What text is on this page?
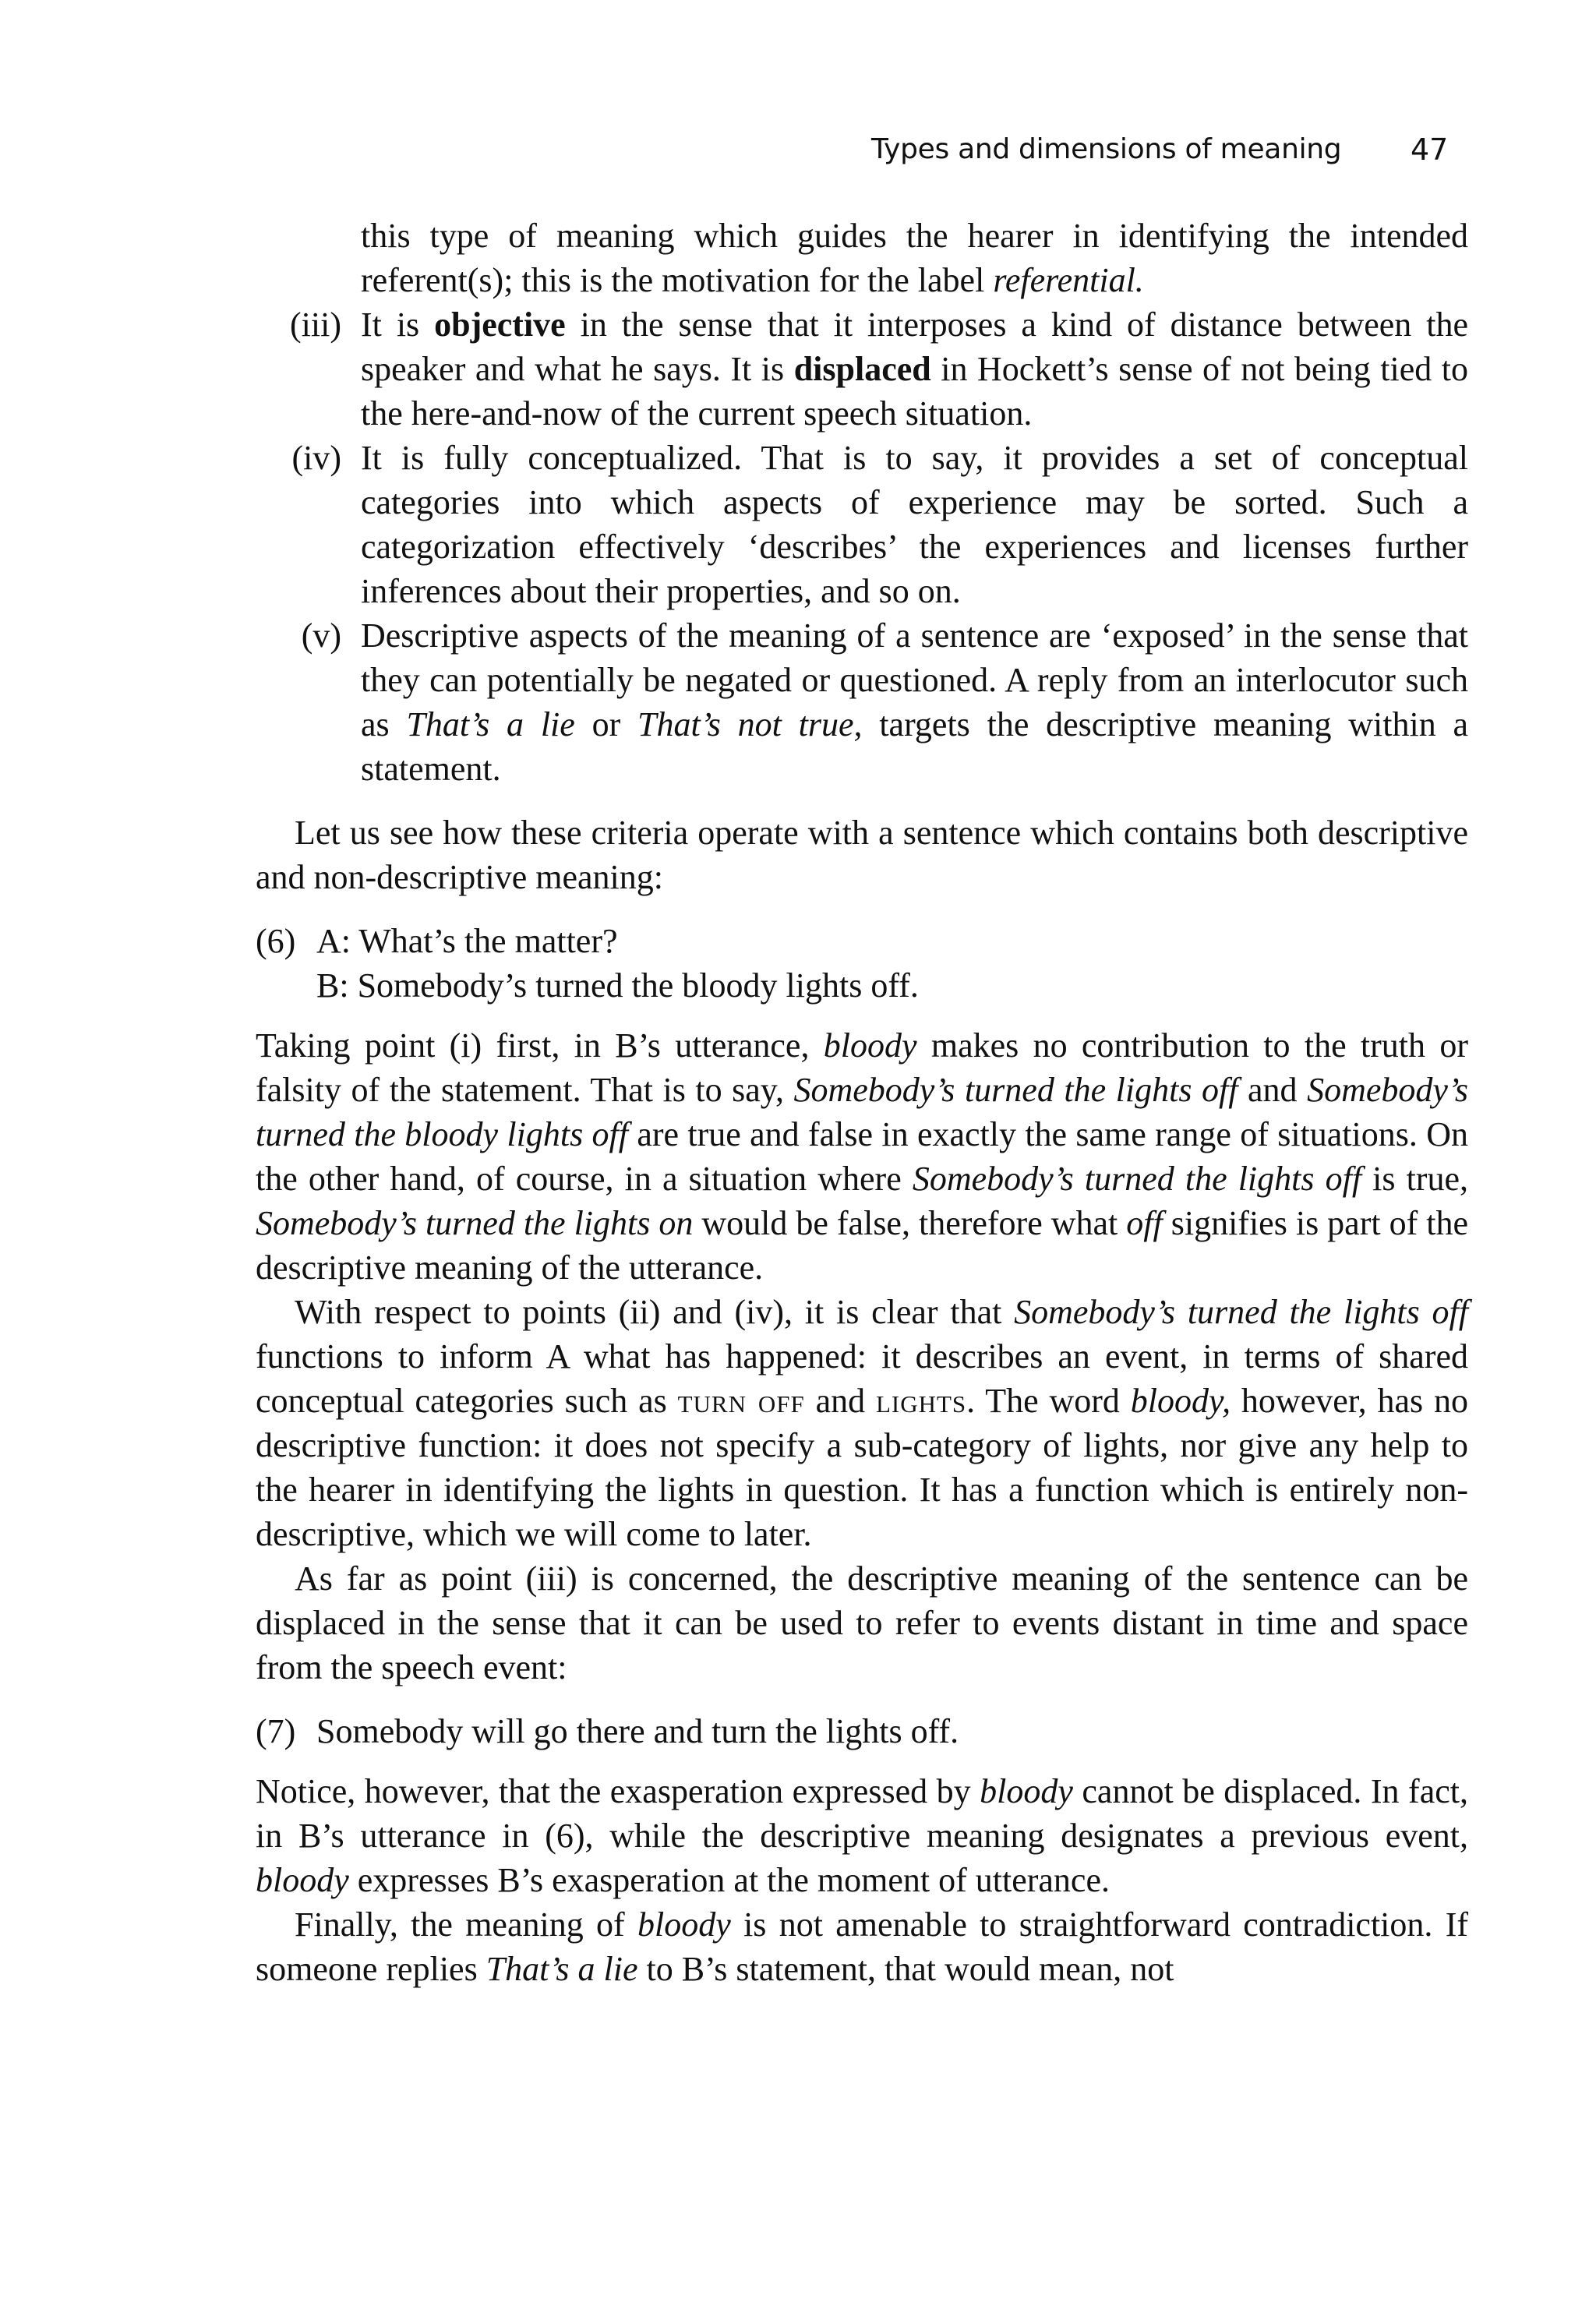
Types and dimensions of meaning 47

this type of meaning which guides the hearer in identifying the intended referent(s); this is the motivation for the label referential.

(iii) It is objective in the sense that it interposes a kind of distance between the speaker and what he says. It is displaced in Hockett’s sense of not being tied to the here-and-now of the current speech situation.

(iv) It is fully conceptualized. That is to say, it provides a set of conceptual categories into which aspects of experience may be sorted. Such a categorization effectively ‘describes’ the experiences and licenses further inferences about their properties, and so on.

(v) Descriptive aspects of the meaning of a sentence are ‘exposed’ in the sense that they can potentially be negated or questioned. A reply from an interlocutor such as That’s a lie or That’s not true, targets the descriptive meaning within a statement.

Let us see how these criteria operate with a sentence which contains both descriptive and non-descriptive meaning:

(6) A: What’s the matter?
B: Somebody’s turned the bloody lights off.

Taking point (i) first, in B’s utterance, bloody makes no contribution to the truth or falsity of the statement. That is to say, Somebody’s turned the lights off and Somebody’s turned the bloody lights off are true and false in exactly the same range of situations. On the other hand, of course, in a situation where Somebody’s turned the lights off is true, Somebody’s turned the lights on would be false, therefore what off signifies is part of the descriptive meaning of the utterance.

With respect to points (ii) and (iv), it is clear that Somebody’s turned the lights off functions to inform A what has happened: it describes an event, in terms of shared conceptual categories such as turn off and lights. The word bloody, however, has no descriptive function: it does not specify a sub-category of lights, nor give any help to the hearer in identifying the lights in question. It has a function which is entirely non-descriptive, which we will come to later.

As far as point (iii) is concerned, the descriptive meaning of the sentence can be displaced in the sense that it can be used to refer to events distant in time and space from the speech event:

(7) Somebody will go there and turn the lights off.

Notice, however, that the exasperation expressed by bloody cannot be displaced. In fact, in B’s utterance in (6), while the descriptive meaning designates a previous event, bloody expresses B’s exasperation at the moment of utterance.

Finally, the meaning of bloody is not amenable to straightforward contradiction. If someone replies That’s a lie to B’s statement, that would mean, not
